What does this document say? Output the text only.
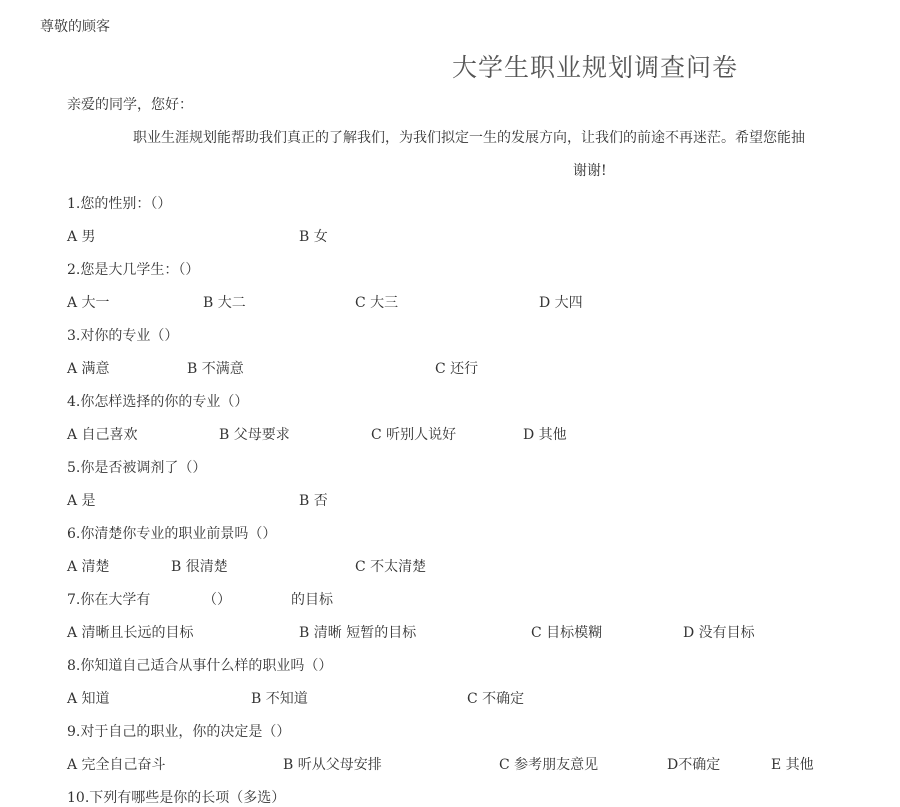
尊敬的顾客
大学生职业规划调查问卷
亲爱的同学，您好：
职业生涯规划能帮助我们真正的了解我们，为我们拟定一生的发展方向，让我们的前途不再迷茫。希望您能抽
谢谢!
1.您的性别：（）
A 男	B 女
2.您是大几学生：（）
A 大一	B 大二	C 大三	D 大四
3.对你的专业（）
A 满意	B 不满意	C 还行
4.你怎样选择的你的专业（）
A 自己喜欢	B 父母要求	C 听别人说好	D 其他
5.你是否被调剂了（）
A 是	B 否
6.你清楚你专业的职业前景吗（）
A 清楚	B 很清楚	C 不太清楚
7.你在大学有	（）	的目标
A 清晰且长远的目标	B 清晰 短暂的目标	C 目标模糊	D 没有目标
8.你知道自己适合从事什么样的职业吗（）
A 知道	B 不知道	C 不确定
9.对于自己的职业，你的决定是（）
A 完全自己奋斗	B 听从父母安排	C 参考朋友意见	D不确定	E 其他
10.下列有哪些是你的长项（多选）
